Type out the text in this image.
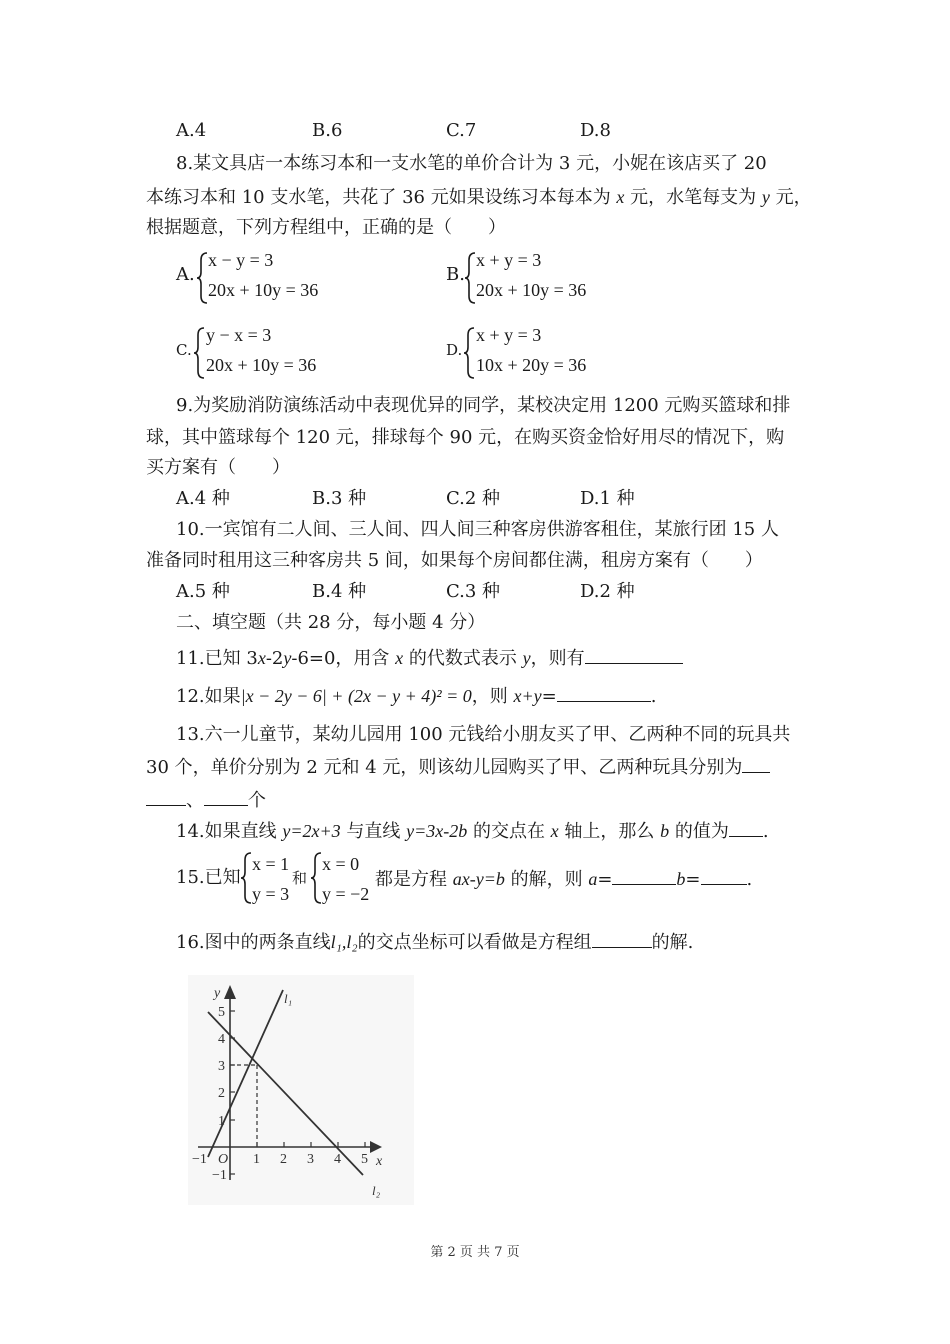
A.4	B.6	C.7	D.8
8.某文具店一本练习本和一支水笔的单价合计为 3 元，小妮在该店买了 20
本练习本和 10 支水笔，共花了 36 元如果设练习本每本为 x 元，水笔每支为 y 元，
根据题意，下列方程组中，正确的是（　　）
A.
x − y = 3
20x + 10y = 36
B.
x + y = 3
20x + 10y = 36
C.
y − x = 3
20x + 10y = 36
D.
x + y = 3
10x + 20y = 36
9.为奖励消防演练活动中表现优异的同学，某校决定用 1200 元购买篮球和排
球，其中篮球每个 120 元，排球每个 90 元，在购买资金恰好用尽的情况下，购
买方案有（　　）
A.4 种	B.3 种	C.2 种	D.1 种
10.一宾馆有二人间、三人间、四人间三种客房供游客租住，某旅行团 15 人
准备同时租用这三种客房共 5 间，如果每个房间都住满，租房方案有（　　）
A.5 种	B.4 种	C.3 种	D.2 种
二、填空题（共 28 分，每小题 4 分）
11.已知 3x-2y-6=0，用含 x 的代数式表示 y，则有
12.如果|x − 2y − 6| + (2x − y + 4)² = 0，则 x+y=	.
13.六一儿童节，某幼儿园用 100 元钱给小朋友买了甲、乙两种不同的玩具共
30 个，单价分别为 2 元和 4 元，则该幼儿园购买了甲、乙两种玩具分别为
、 个
14.如果直线 y=2x+3 与直线 y=3x-2b 的交点在 x 轴上，那么 b 的值为 .
15.已知
x = 1
y = 3
和
x = 0
y = −2
都是方程 ax-y=b 的解，则 a=	b=	.
16.图中的两条直线l₁,l₂的交点坐标可以看做是方程组	的解.
y
x
O
5
4
3
2
1
−1
−1	1 2 3 4 5
l₁
l₂
第 2 页 共 7 页
